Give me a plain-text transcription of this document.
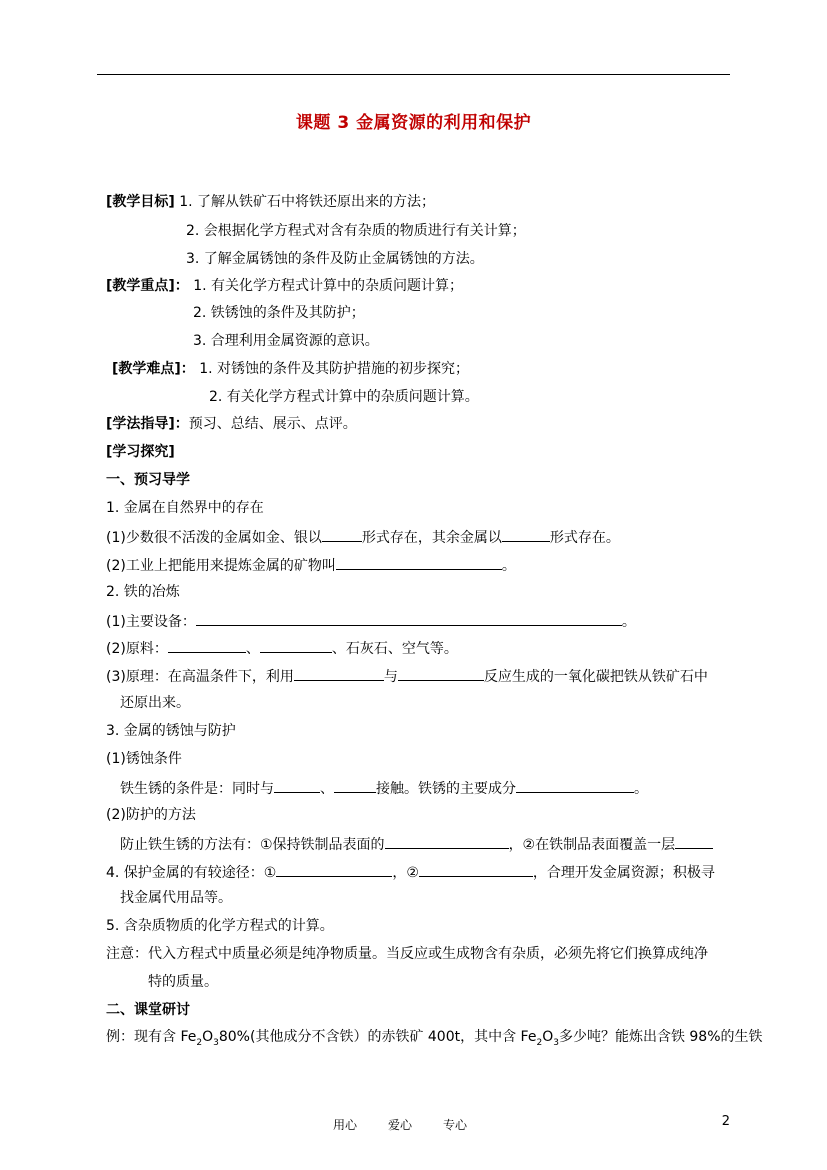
课题 3 金属资源的利用和保护
[教学目标] 1. 了解从铁矿石中将铁还原出来的方法；
2. 会根据化学方程式对含有杂质的物质进行有关计算；
3. 了解金属锈蚀的条件及防止金属锈蚀的方法。
[教学重点]： 1. 有关化学方程式计算中的杂质问题计算；
2. 铁锈蚀的条件及其防护；
3. 合理利用金属资源的意识。
[教学难点]： 1. 对锈蚀的条件及其防护措施的初步探究；
2. 有关化学方程式计算中的杂质问题计算。
[学法指导]：预习、总结、展示、点评。
[学习探究]
一、预习导学
1. 金属在自然界中的存在
(1)少数很不活泼的金属如金、银以	形式存在，其余金属以	形式存在。
(2)工业上把能用来提炼金属的矿物叫	。
2. 铁的冶炼
(1)主要设备：	。
(2)原料：	、	、石灰石、空气等。
(3)原理：在高温条件下，利用	与	反应生成的一氧化碳把铁从铁矿石中
还原出来。
3. 金属的锈蚀与防护
(1)锈蚀条件
铁生锈的条件是：同时与	、	接触。铁锈的主要成分	。
(2)防护的方法
防止铁生锈的方法有：①保持铁制品表面的	，②在铁制品表面覆盖一层
4. 保护金属的有较途径：①	，②	，合理开发金属资源；积极寻
找金属代用品等。
5. 含杂质物质的化学方程式的计算。
注意：代入方程式中质量必须是纯净物质量。当反应或生成物含有杂质，必须先将它们换算成纯净
特的质量。
二、课堂研讨
例：现有含 $Fe_2O_380\%$(其他成分不含铁）的赤铁矿 400t，其中含 $Fe_2O_3$多少吨？能炼出含铁 98%的生铁
用心	爱心	专心	2
